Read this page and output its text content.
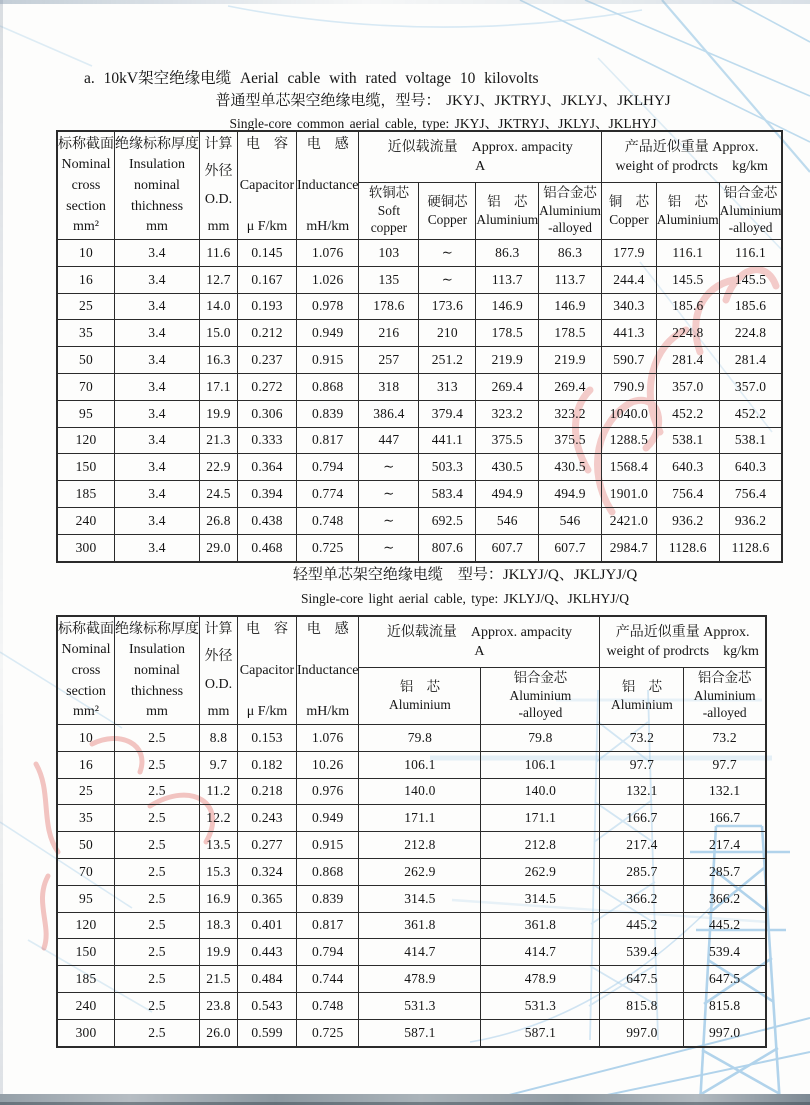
a. 10kV架空绝缘电缆 Aerial cable with rated voltage 10 kilovolts
普通型单芯架空绝缘电缆，型号： JKYJ、JKTRYJ、JKLYJ、JKLHYJ
Single-core common aerial cable, type: JKYJ、JKTRYJ、JKLYJ、JKLHYJ
标称截面
Nominal
cross
section
mm²

绝缘标称厚度
Insulation
nominal
thichness
mm

计算
外径
O.D.
mm

电　容
Capacitor
μ F/km

电　感
Inductance
mH/km

近似载流量　Approx. ampacity
A

产品近似重量 Approx.
weight of prodrcts　kg/km

软铜芯
Soft
copper

硬铜芯
Copper

铝　芯
Aluminium

铝合金芯
Aluminium
-alloyed

铜　芯
Copper

铝　芯
Aluminium

铝合金芯
Aluminium
-alloyed

10	3.4	11.6	0.145	1.076	103	∼	86.3	86.3	177.9	116.1	116.1
16	3.4	12.7	0.167	1.026	135	∼	113.7	113.7	244.4	145.5	145.5
25	3.4	14.0	0.193	0.978	178.6	173.6	146.9	146.9	340.3	185.6	185.6
35	3.4	15.0	0.212	0.949	216	210	178.5	178.5	441.3	224.8	224.8
50	3.4	16.3	0.237	0.915	257	251.2	219.9	219.9	590.7	281.4	281.4
70	3.4	17.1	0.272	0.868	318	313	269.4	269.4	790.9	357.0	357.0
95	3.4	19.9	0.306	0.839	386.4	379.4	323.2	323.2	1040.0	452.2	452.2
120	3.4	21.3	0.333	0.817	447	441.1	375.5	375.5	1288.5	538.1	538.1
150	3.4	22.9	0.364	0.794	∼	503.3	430.5	430.5	1568.4	640.3	640.3
185	3.4	24.5	0.394	0.774	∼	583.4	494.9	494.9	1901.0	756.4	756.4
240	3.4	26.8	0.438	0.748	∼	692.5	546	546	2421.0	936.2	936.2
300	3.4	29.0	0.468	0.725	∼	807.6	607.7	607.7	2984.7	1128.6	1128.6
轻型单芯架空绝缘电缆　型号：JKLYJ/Q、JKLJYJ/Q
Single-core light aerial cable, type: JKLYJ/Q、JKLHYJ/Q
标称截面
Nominal
cross
section
mm²

绝缘标称厚度
Insulation
nominal
thichness
mm

计算
外径
O.D.
mm

电　容
Capacitor
μ F/km

电　感
Inductance
mH/km

近似载流量　Approx. ampacity
A

产品近似重量 Approx.
weight of prodrcts　kg/km

铝　芯
Aluminium

铝合金芯
Aluminium
-alloyed

铝　芯
Aluminium

铝合金芯
Aluminium
-alloyed

10	2.5	8.8	0.153	1.076	79.8	79.8	73.2	73.2
16	2.5	9.7	0.182	10.26	106.1	106.1	97.7	97.7
25	2.5	11.2	0.218	0.976	140.0	140.0	132.1	132.1
35	2.5	12.2	0.243	0.949	171.1	171.1	166.7	166.7
50	2.5	13.5	0.277	0.915	212.8	212.8	217.4	217.4
70	2.5	15.3	0.324	0.868	262.9	262.9	285.7	285.7
95	2.5	16.9	0.365	0.839	314.5	314.5	366.2	366.2
120	2.5	18.3	0.401	0.817	361.8	361.8	445.2	445.2
150	2.5	19.9	0.443	0.794	414.7	414.7	539.4	539.4
185	2.5	21.5	0.484	0.744	478.9	478.9	647.5	647.5
240	2.5	23.8	0.543	0.748	531.3	531.3	815.8	815.8
300	2.5	26.0	0.599	0.725	587.1	587.1	997.0	997.0
